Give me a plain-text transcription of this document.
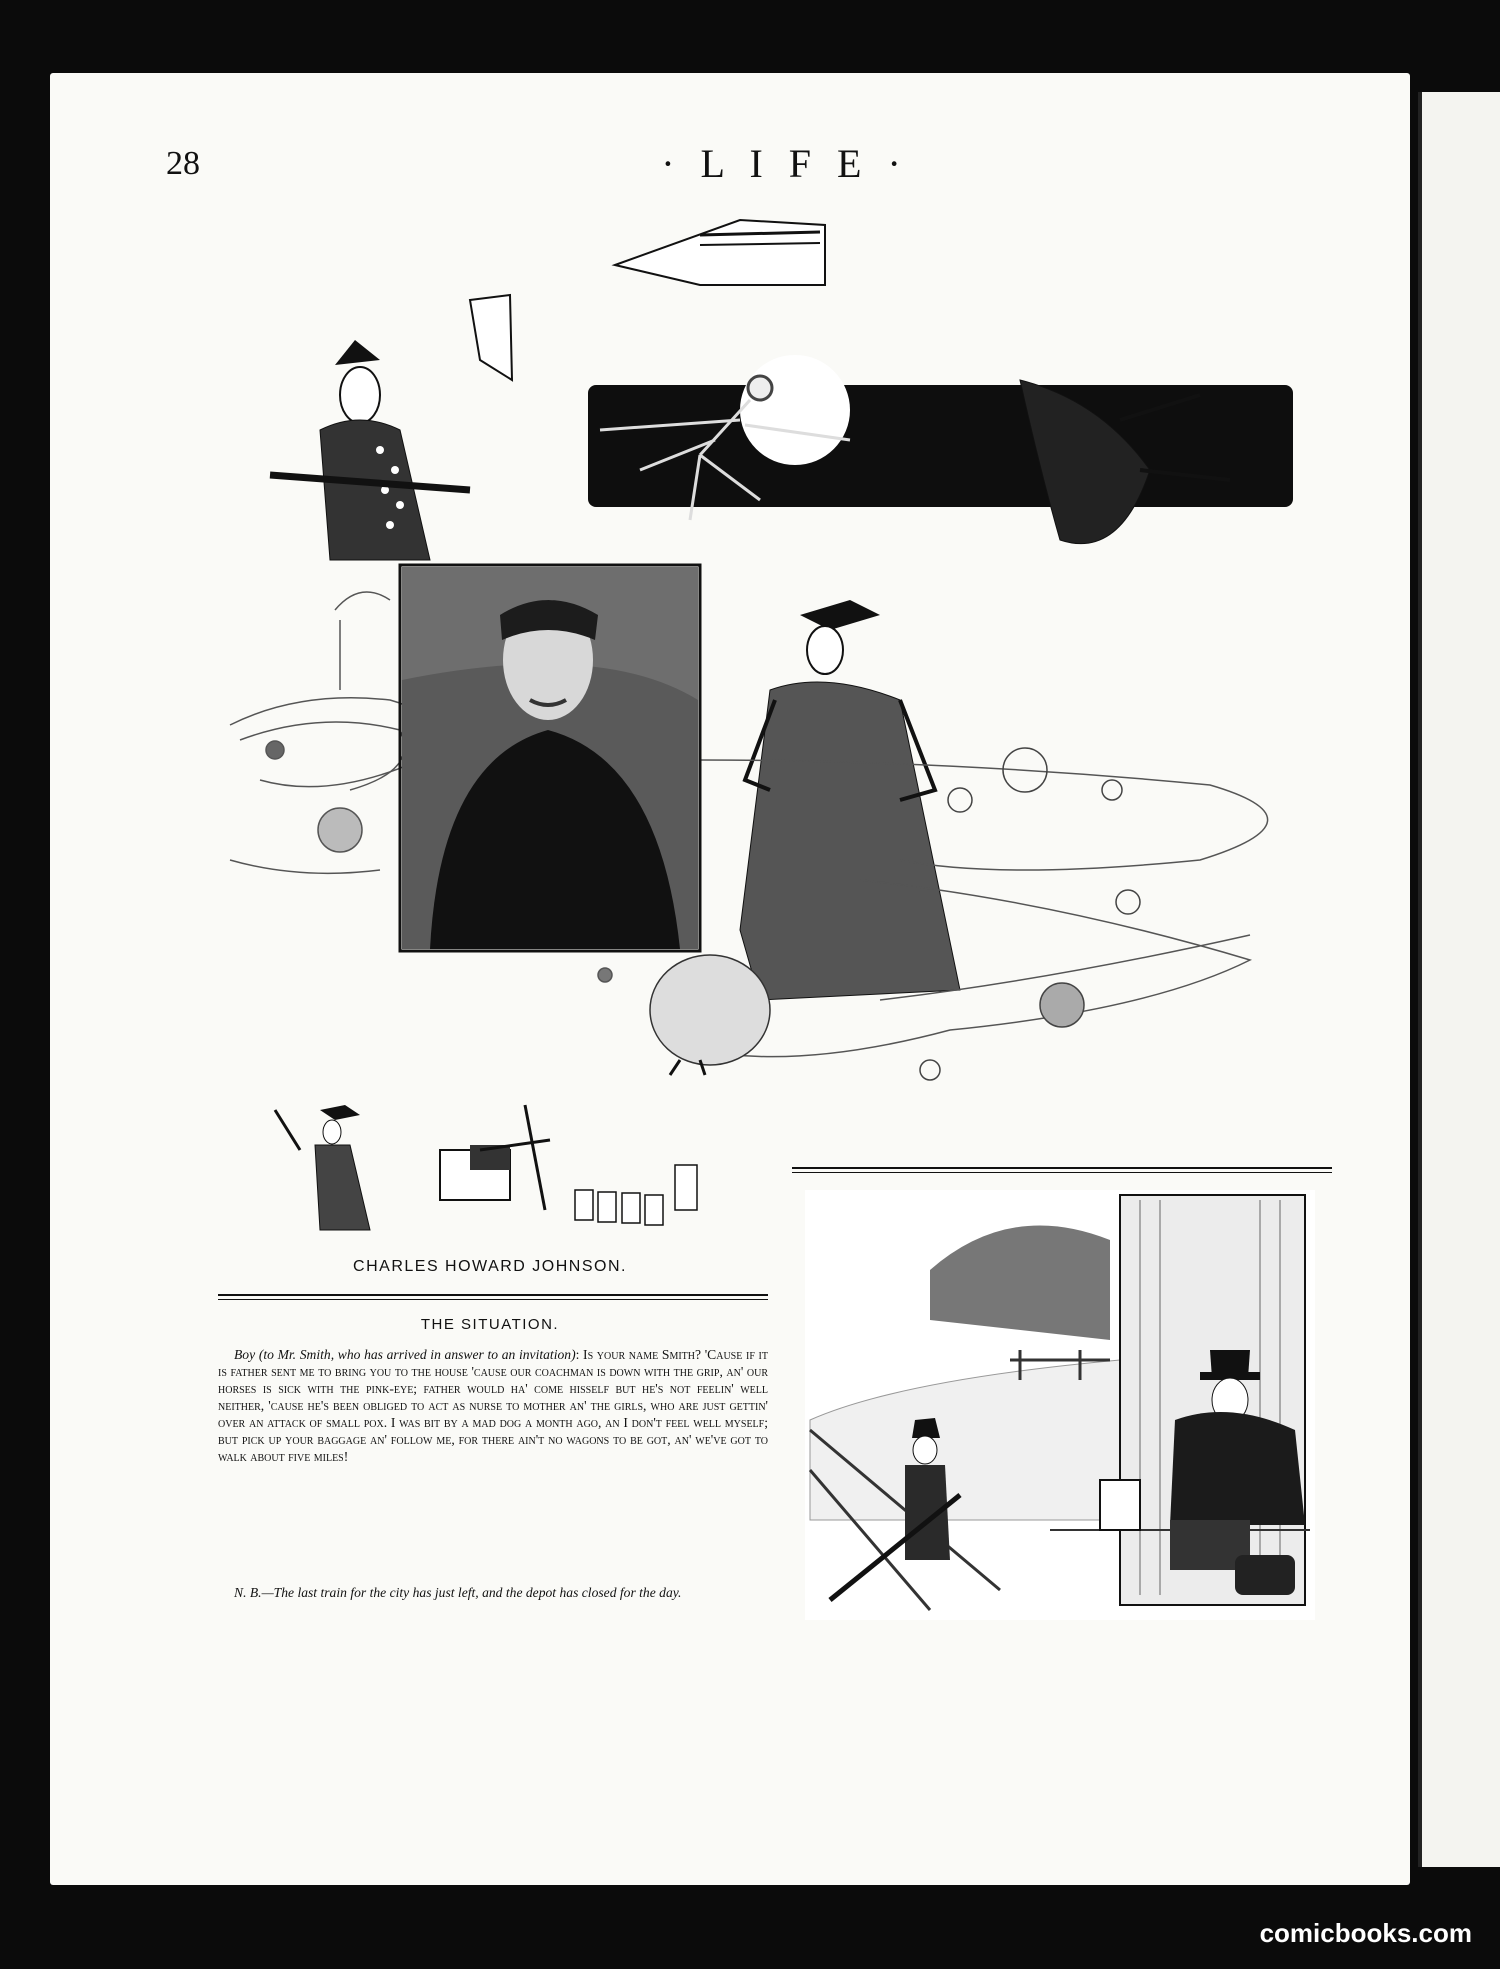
28	· L I F E ·
CHARLES HOWARD JOHNSON.
THE SITUATION.
Boy (to Mr. Smith, who has arrived in answer to an invitation): Is your name Smith? 'Cause if it is father sent me to bring you to the house 'cause our coachman is down with the grip, an' our horses is sick with the pink-eye; father would ha' come hisself but he's not feelin' well neither, 'cause he's been obliged to act as nurse to mother an' the girls, who are just gettin' over an attack of small pox. I was bit by a mad dog a month ago, an I don't feel well myself; but pick up your baggage an' follow me, for there ain't no wagons to be got, an' we've got to walk about five miles!
N. B.—The last train for the city has just left, and the depot has closed for the day.
comicbooks.com
